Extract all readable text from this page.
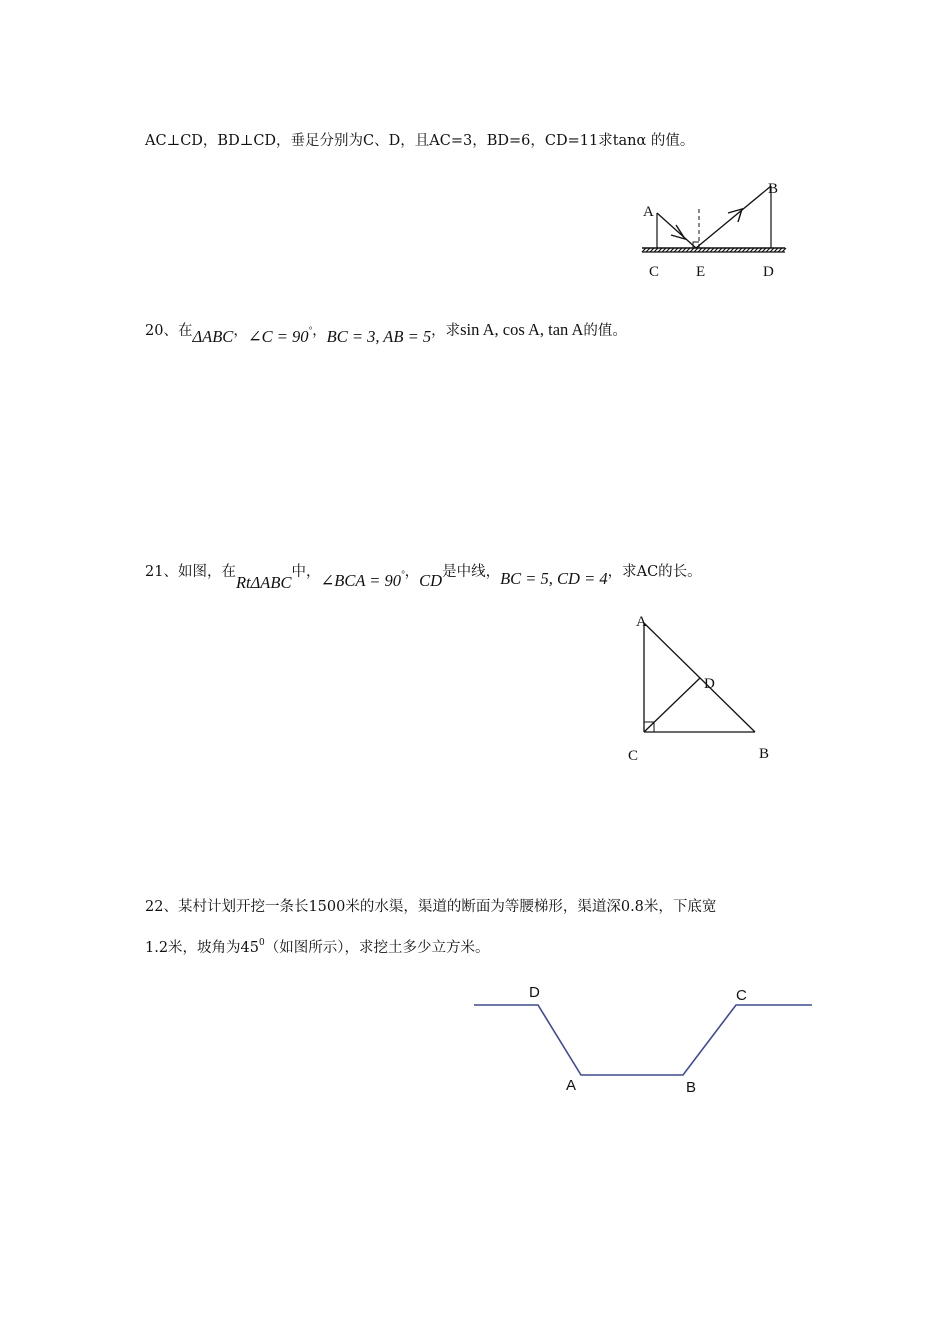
AC⊥CD，BD⊥CD，垂足分别为C、D，且AC=3，BD=6，CD=11求tanα 的值。
A
B
C E	D
20、在ΔABC，∠C = 90°，BC = 3, AB = 5，求sin A, cos A, tan A的值。
21、如图，在RtΔABC中，∠BCA = 90°，CD是中线，BC = 5, CD = 4，求AC的长。
A
D
C	B
22、某村计划开挖一条长1500米的水渠，渠道的断面为等腰梯形，渠道深0.8米，下底宽
1.2米，坡角为$45^0$（如图所示），求挖土多少立方米。
D	C
A	B
